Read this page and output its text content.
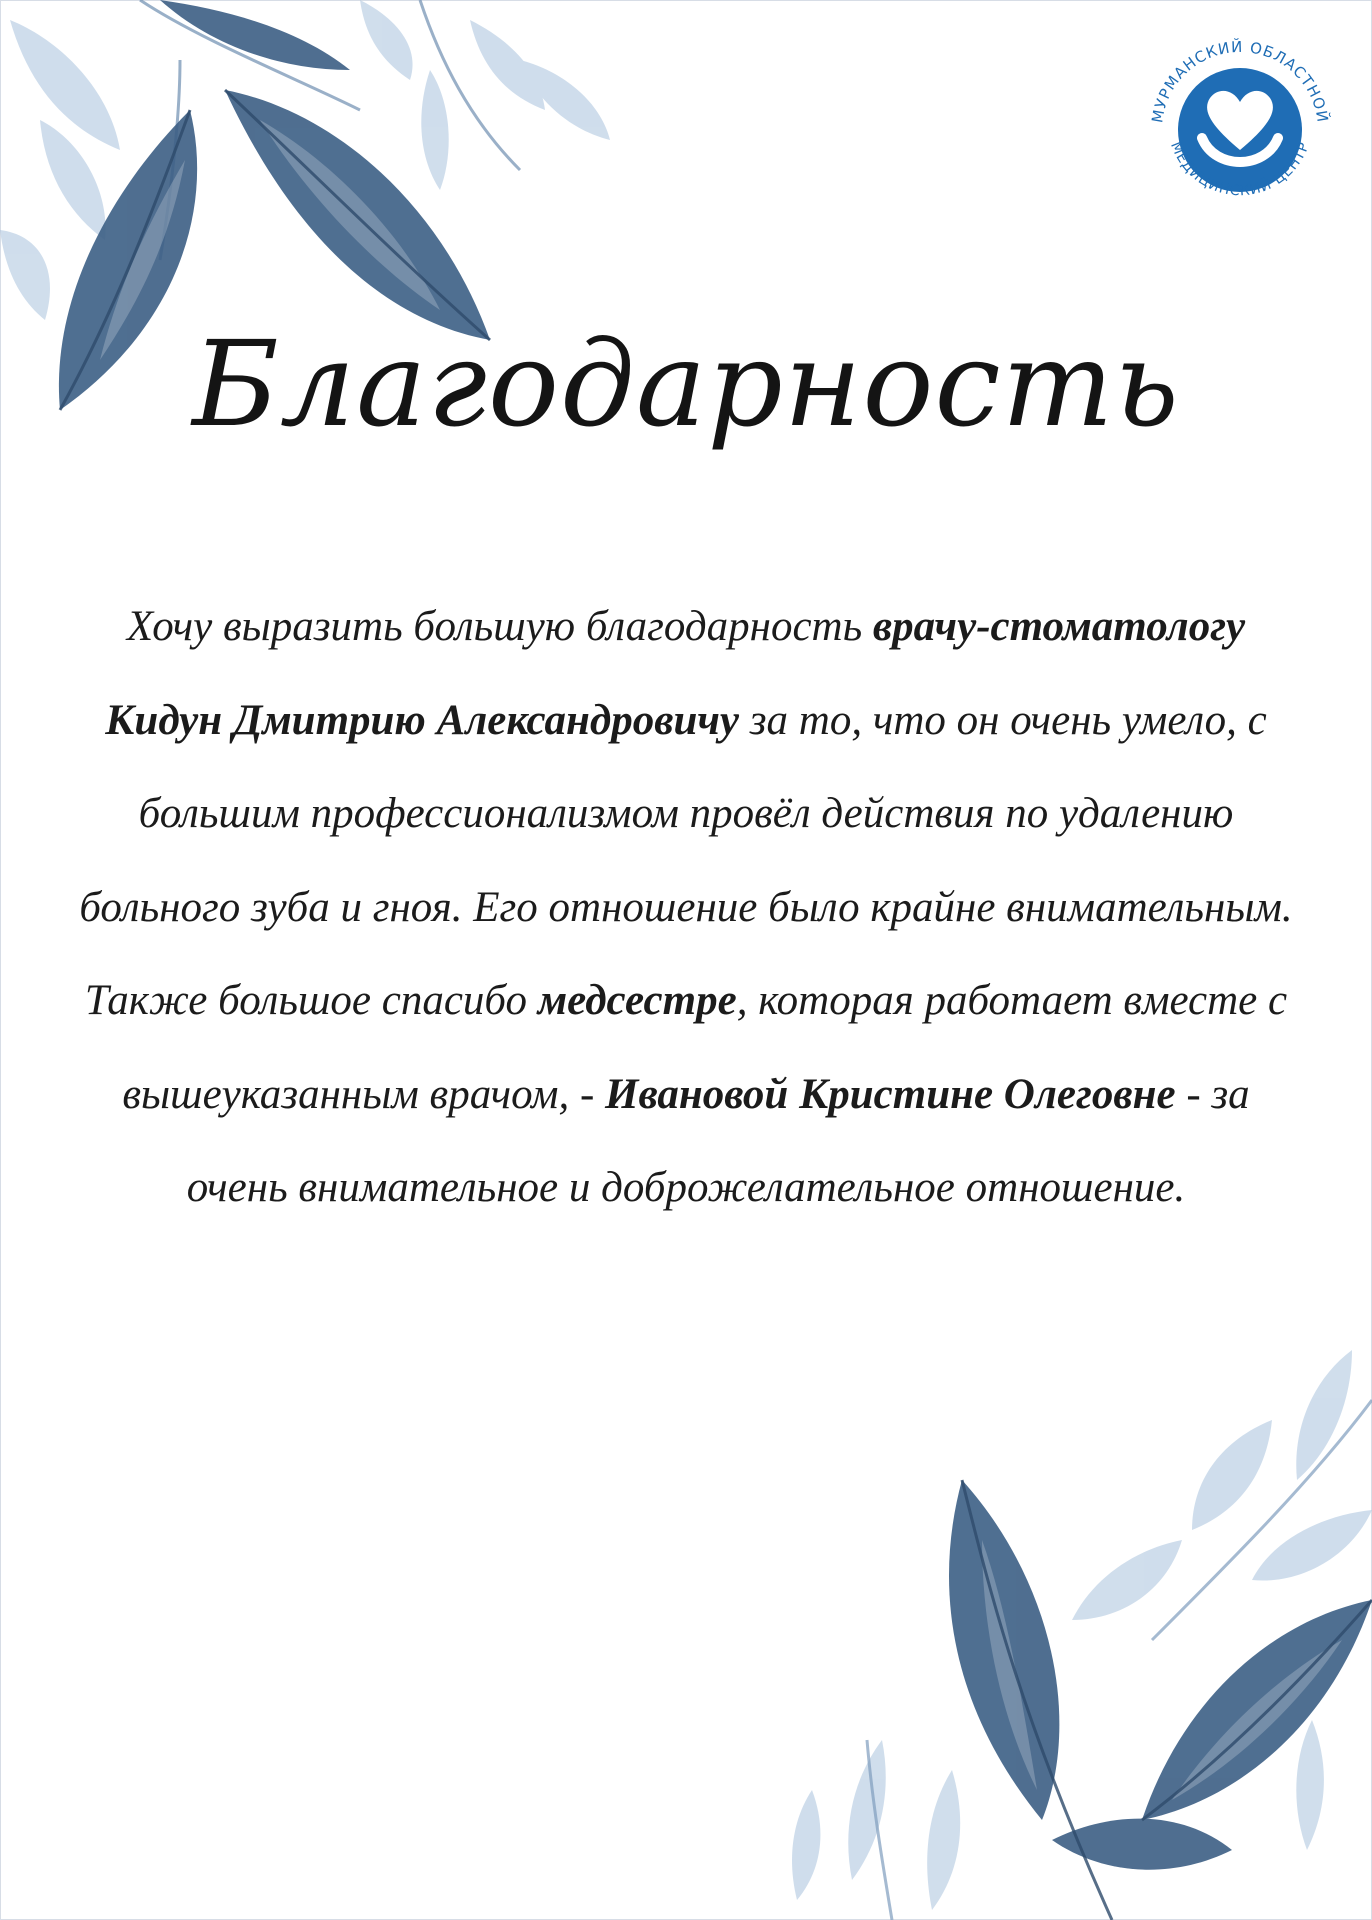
МУРМАНСКИЙ ОБЛАСТНОЙ
МЕДИЦИНСКИЙ ЦЕНТР
Благодарность

Хочу выразить большую благодарность врачу-стоматологу Кидун Дмитрию Александровичу за то, что он очень умело, с большим профессионализмом провёл действия по удалению больного зуба и гноя. Его отношение было крайне внимательным.

Также большое спасибо медсестре, которая работает вместе с вышеуказанным врачом, - Ивановой Кристине Олеговне - за очень внимательное и доброжелательное отношение.
